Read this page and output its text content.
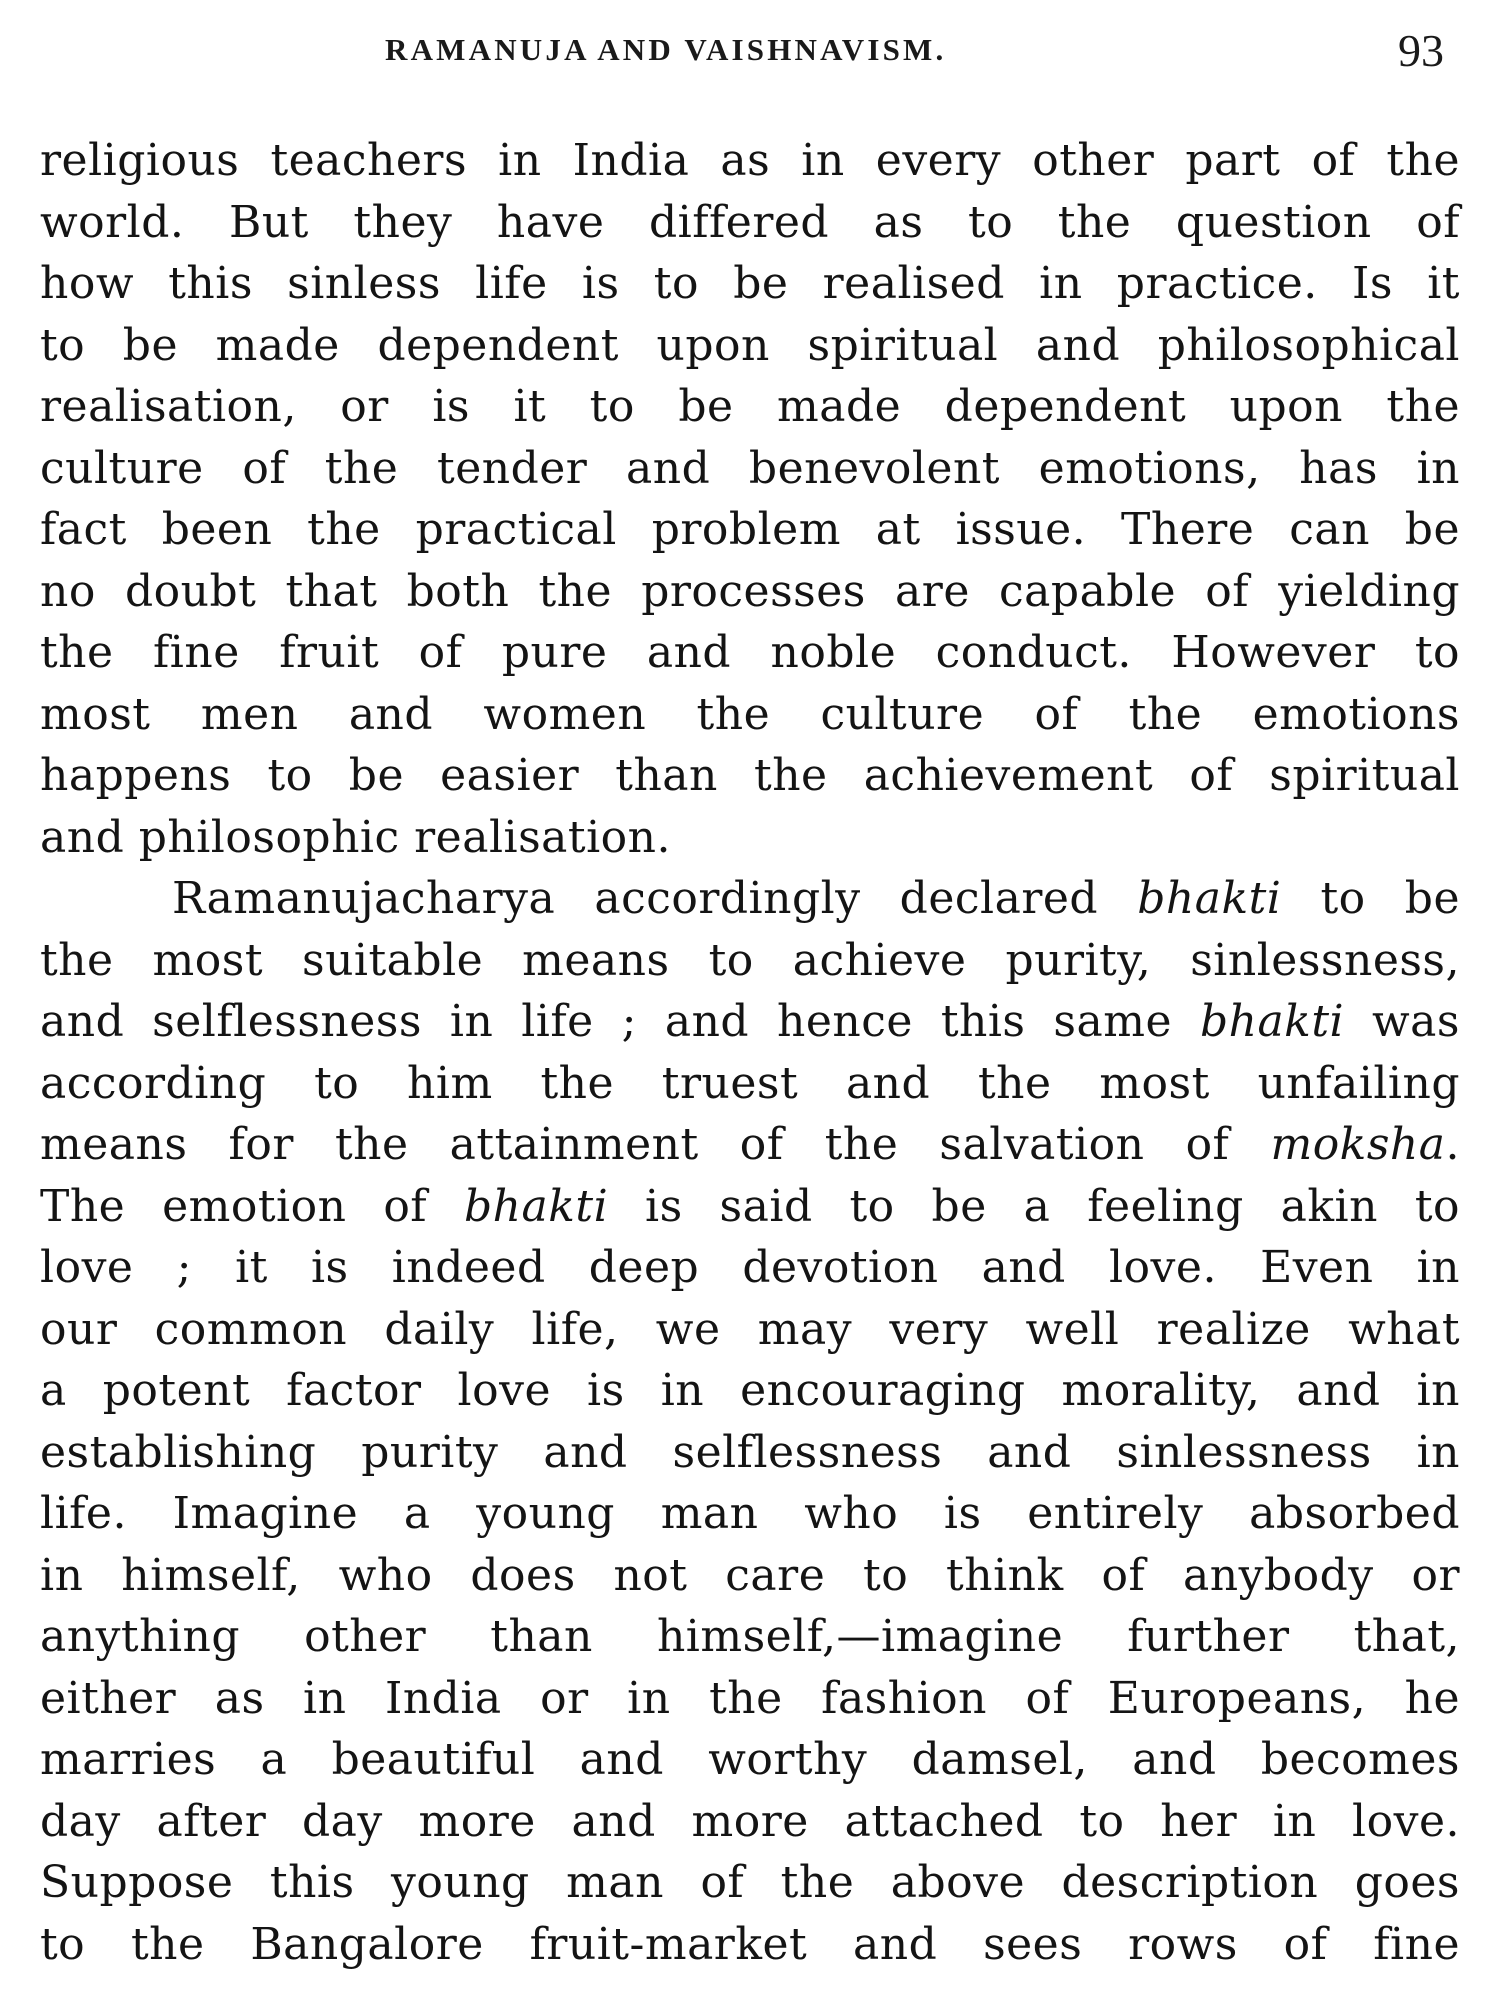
RAMANUJA AND VAISHNAVISM.	93
religious teachers in India as in every other part of the
world. But they have differed as to the question of
how this sinless life is to be realised in practice. Is it
to be made dependent upon spiritual and philosophical
realisation, or is it to be made dependent upon the
culture of the tender and benevolent emotions, has in
fact been the practical problem at issue. There can be
no doubt that both the processes are capable of yielding
the fine fruit of pure and noble conduct. However to
most men and women the culture of the emotions
happens to be easier than the achievement of spiritual
and philosophic realisation.
Ramanujacharya accordingly declared bhakti to be
the most suitable means to achieve purity, sinlessness,
and selflessness in life ; and hence this same bhakti was
according to him the truest and the most unfailing
means for the attainment of the salvation of moksha.
The emotion of bhakti is said to be a feeling akin to
love ; it is indeed deep devotion and love. Even in
our common daily life, we may very well realize what
a potent factor love is in encouraging morality, and in
establishing purity and selflessness and sinlessness in
life. Imagine a young man who is entirely absorbed
in himself, who does not care to think of anybody or
anything other than himself,—imagine further that,
either as in India or in the fashion of Europeans, he
marries a beautiful and worthy damsel, and becomes
day after day more and more attached to her in love.
Suppose this young man of the above description goes
to the Bangalore fruit-market and sees rows of fine
